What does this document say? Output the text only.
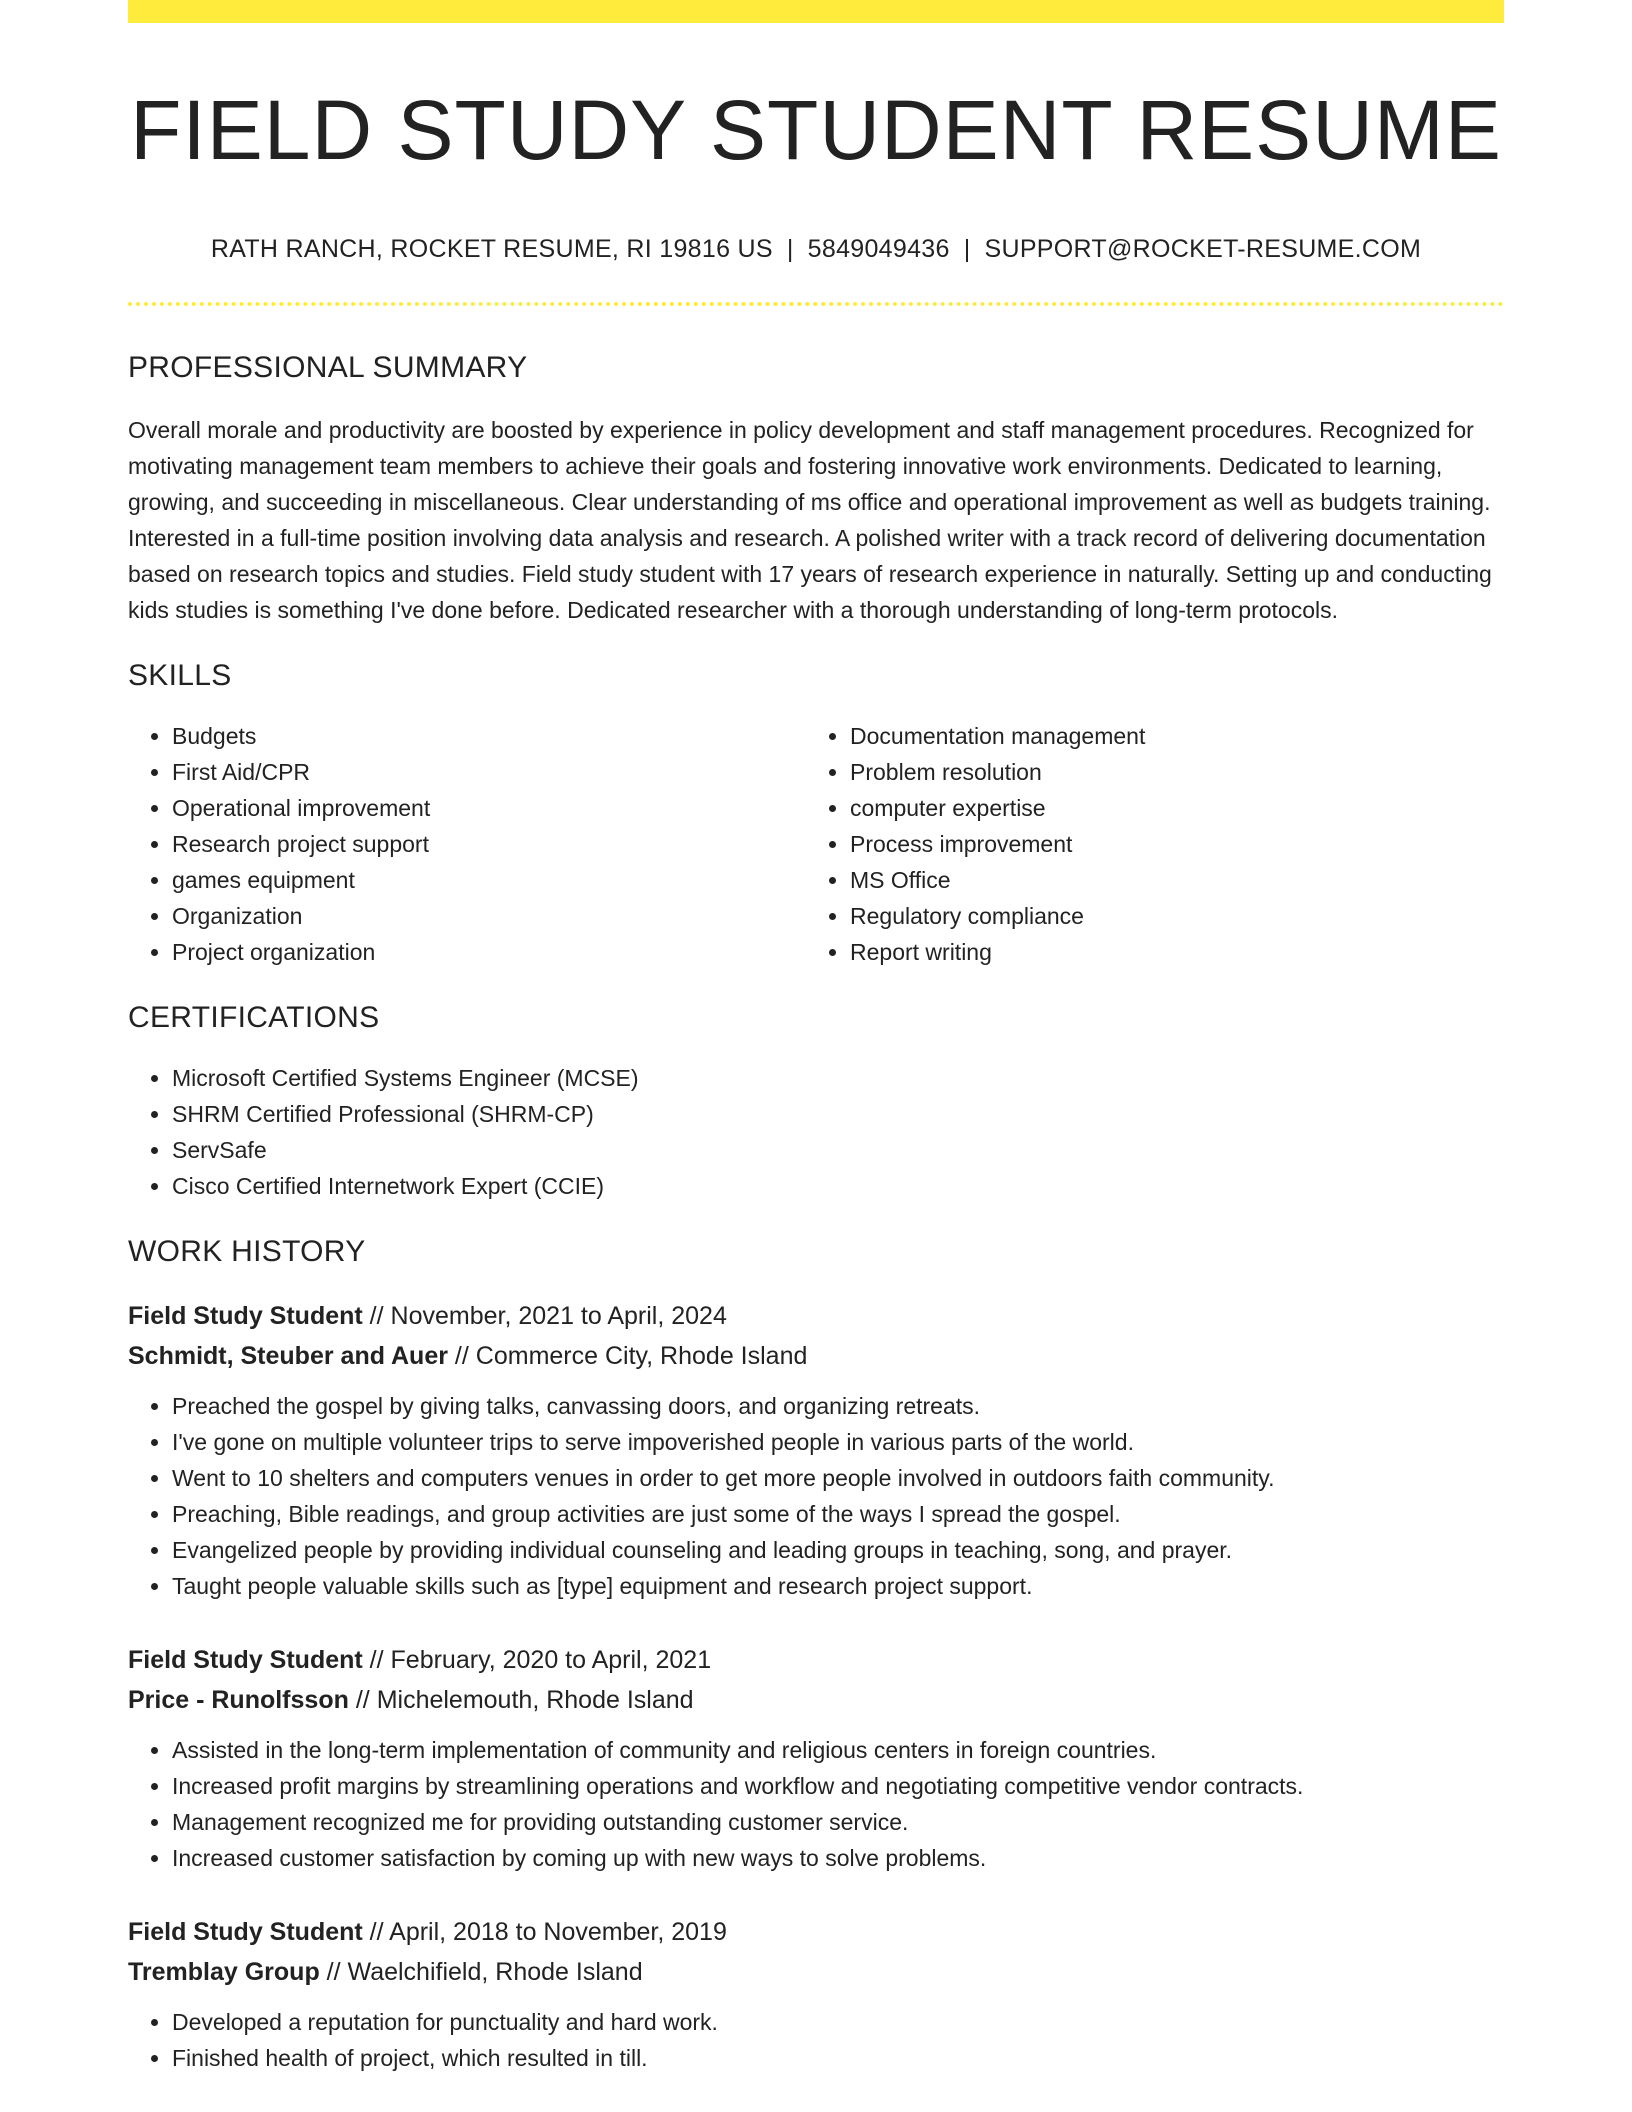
FIELD STUDY STUDENT RESUME
RATH RANCH, ROCKET RESUME, RI 19816 US | 5849049436 | SUPPORT@ROCKET-RESUME.COM
PROFESSIONAL SUMMARY

Overall morale and productivity are boosted by experience in policy development and staff management procedures. Recognized for motivating management team members to achieve their goals and fostering innovative work environments. Dedicated to learning, growing, and succeeding in miscellaneous. Clear understanding of ms office and operational improvement as well as budgets training. Interested in a full-time position involving data analysis and research. A polished writer with a track record of delivering documentation based on research topics and studies. Field study student with 17 years of research experience in naturally. Setting up and conducting kids studies is something I've done before. Dedicated researcher with a thorough understanding of long-term protocols.

SKILLS
• Budgets
• First Aid/CPR
• Operational improvement
• Research project support
• games equipment
• Organization
• Project organization
• Documentation management
• Problem resolution
• computer expertise
• Process improvement
• MS Office
• Regulatory compliance
• Report writing
CERTIFICATIONS
• Microsoft Certified Systems Engineer (MCSE)
• SHRM Certified Professional (SHRM-CP)
• ServSafe
• Cisco Certified Internetwork Expert (CCIE)
WORK HISTORY
Field Study Student // November, 2021 to April, 2024
Schmidt, Steuber and Auer // Commerce City, Rhode Island
• Preached the gospel by giving talks, canvassing doors, and organizing retreats.
• I've gone on multiple volunteer trips to serve impoverished people in various parts of the world.
• Went to 10 shelters and computers venues in order to get more people involved in outdoors faith community.
• Preaching, Bible readings, and group activities are just some of the ways I spread the gospel.
• Evangelized people by providing individual counseling and leading groups in teaching, song, and prayer.
• Taught people valuable skills such as [type] equipment and research project support.
Field Study Student // February, 2020 to April, 2021
Price - Runolfsson // Michelemouth, Rhode Island
• Assisted in the long-term implementation of community and religious centers in foreign countries.
• Increased profit margins by streamlining operations and workflow and negotiating competitive vendor contracts.
• Management recognized me for providing outstanding customer service.
• Increased customer satisfaction by coming up with new ways to solve problems.
Field Study Student // April, 2018 to November, 2019
Tremblay Group // Waelchifield, Rhode Island
• Developed a reputation for punctuality and hard work.
• Finished health of project, which resulted in till.
